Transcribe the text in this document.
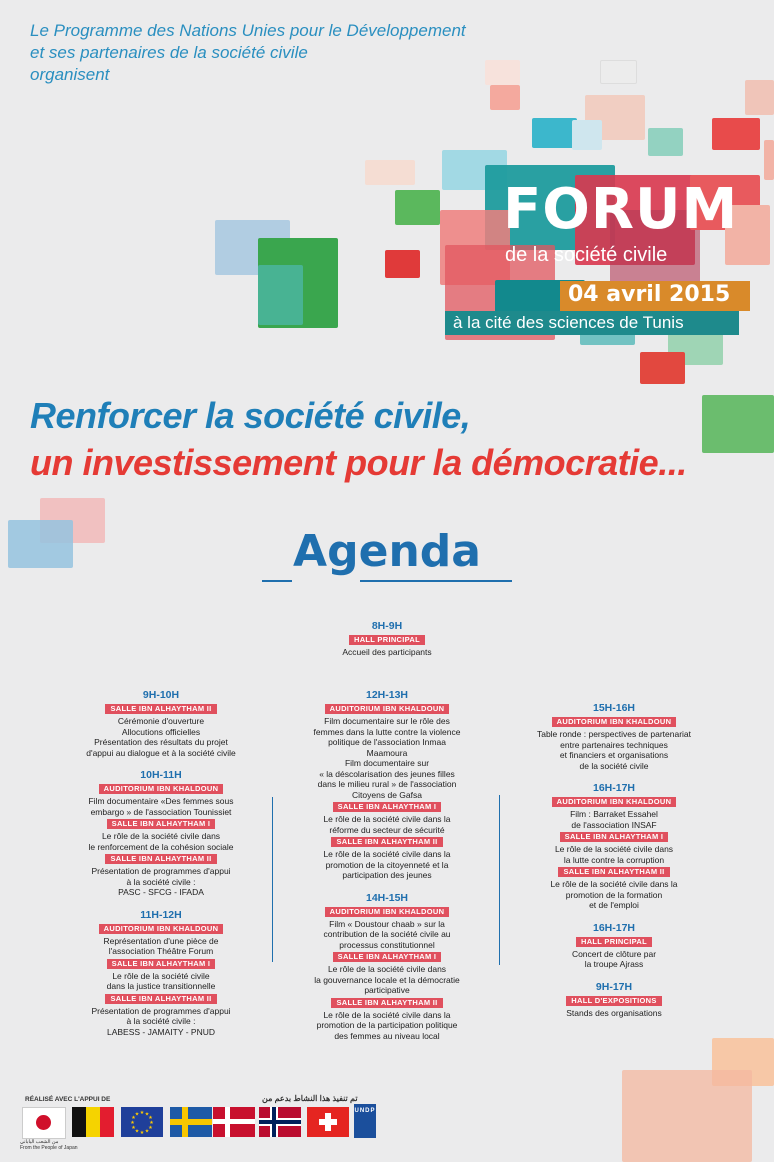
Le Programme des Nations Unies pour le Développement
et ses partenaires de la société civile
organisent
FORUM
de la société civile
04 avril 2015
à la cité des sciences de Tunis
Renforcer la société civile,
un investissement pour la démocratie...
Agenda
8H-9H
HALL PRINCIPAL
Accueil des participants
9H-10H
SALLE IBN ALHAYTHAM II
Cérémonie d'ouverture
Allocutions officielles
Présentation des résultats du projet
d'appui au dialogue et à la société civile
10H-11H
AUDITORIUM IBN KHALDOUN
Film documentaire «Des femmes sous
embargo » de l'association Tounissiet
SALLE IBN ALHAYTHAM I
Le rôle de la société civile dans
le renforcement de la cohésion sociale
SALLE IBN ALHAYTHAM II
Présentation de programmes d'appui
à la société civile :
PASC - SFCG - IFADA
11H-12H
AUDITORIUM IBN KHALDOUN
Représentation d'une pièce de
l'association Théâtre Forum
SALLE IBN ALHAYTHAM I
Le rôle de la société civile
dans la justice transitionnelle
SALLE IBN ALHAYTHAM II
Présentation de programmes d'appui
à la société civile :
LABESS - JAMAITY - PNUD
12H-13H
AUDITORIUM IBN KHALDOUN
Film documentaire sur le rôle des
femmes dans la lutte contre la violence
politique de l'association Inmaa
Maamoura
Film documentaire sur
« la déscolarisation des jeunes filles
dans le milieu rural » de l'association
Citoyens de Gafsa
SALLE IBN ALHAYTHAM I
Le rôle de la société civile dans la
réforme du secteur de sécurité
SALLE IBN ALHAYTHAM II
Le rôle de la société civile dans la
promotion de la citoyenneté et la
participation des jeunes
14H-15H
AUDITORIUM IBN KHALDOUN
Film « Doustour chaab » sur la
contribution de la société civile au
processus constitutionnel
SALLE IBN ALHAYTHAM I
Le rôle de la société civile dans
la gouvernance locale et la démocratie
participative
SALLE IBN ALHAYTHAM II
Le rôle de la société civile dans la
promotion de la participation politique
des femmes au niveau local
15H-16H
AUDITORIUM IBN KHALDOUN
Table ronde : perspectives de partenariat
entre partenaires techniques
et financiers et organisations
de la société civile
16H-17H
AUDITORIUM IBN KHALDOUN
Film : Barraket Essahel
de l'association INSAF
SALLE IBN ALHAYTHAM I
Le rôle de la société civile dans
la lutte contre la corruption
SALLE IBN ALHAYTHAM II
Le rôle de la société civile dans la
promotion de la formation
et de l'emploi
16H-17H
HALL PRINCIPAL
Concert de clôture par
la troupe Ajrass
9H-17H
HALL D'EXPOSITIONS
Stands des organisations
RÉALISÉ AVEC L'APPUI DE	تم تنفيذ هذا النشاط بدعم من
من الشعب الياباني
From the People of Japan
★ ★
★
★
★
★
★
★
★
★
★
★
UNDP
